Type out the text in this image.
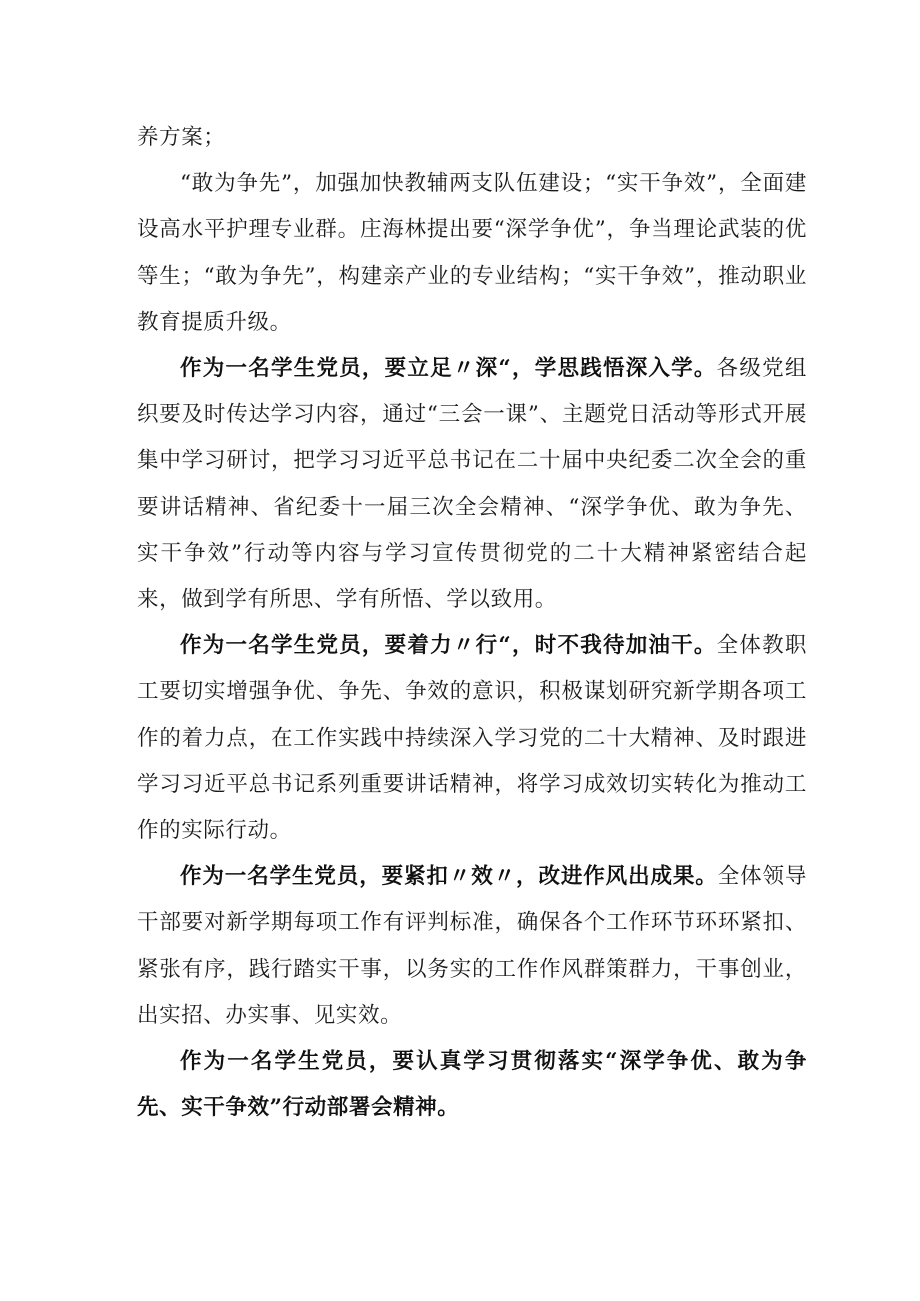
养方案；

“敢为争先”，加强加快教辅两支队伍建设；“实干争效”，全面建设高水平护理专业群。庄海林提出要“深学争优”，争当理论武装的优等生；“敢为争先”，构建亲产业的专业结构；“实干争效”，推动职业教育提质升级。

作为一名学生党员，要立足〃深“，学思践悟深入学。各级党组织要及时传达学习内容，通过“三会一课”、主题党日活动等形式开展集中学习研讨，把学习习近平总书记在二十届中央纪委二次全会的重要讲话精神、省纪委十一届三次全会精神、“深学争优、敢为争先、实干争效”行动等内容与学习宣传贯彻党的二十大精神紧密结合起来，做到学有所思、学有所悟、学以致用。

作为一名学生党员，要着力〃行“，时不我待加油干。全体教职工要切实增强争优、争先、争效的意识，积极谋划研究新学期各项工作的着力点，在工作实践中持续深入学习党的二十大精神、及时跟进学习习近平总书记系列重要讲话精神，将学习成效切实转化为推动工作的实际行动。

作为一名学生党员，要紧扣〃效〃，改进作风出成果。全体领导干部要对新学期每项工作有评判标准，确保各个工作环节环环紧扣、紧张有序，践行踏实干事，以务实的工作作风群策群力，干事创业，出实招、办实事、见实效。

作为一名学生党员，要认真学习贯彻落实“深学争优、敢为争先、实干争效”行动部署会精神。
